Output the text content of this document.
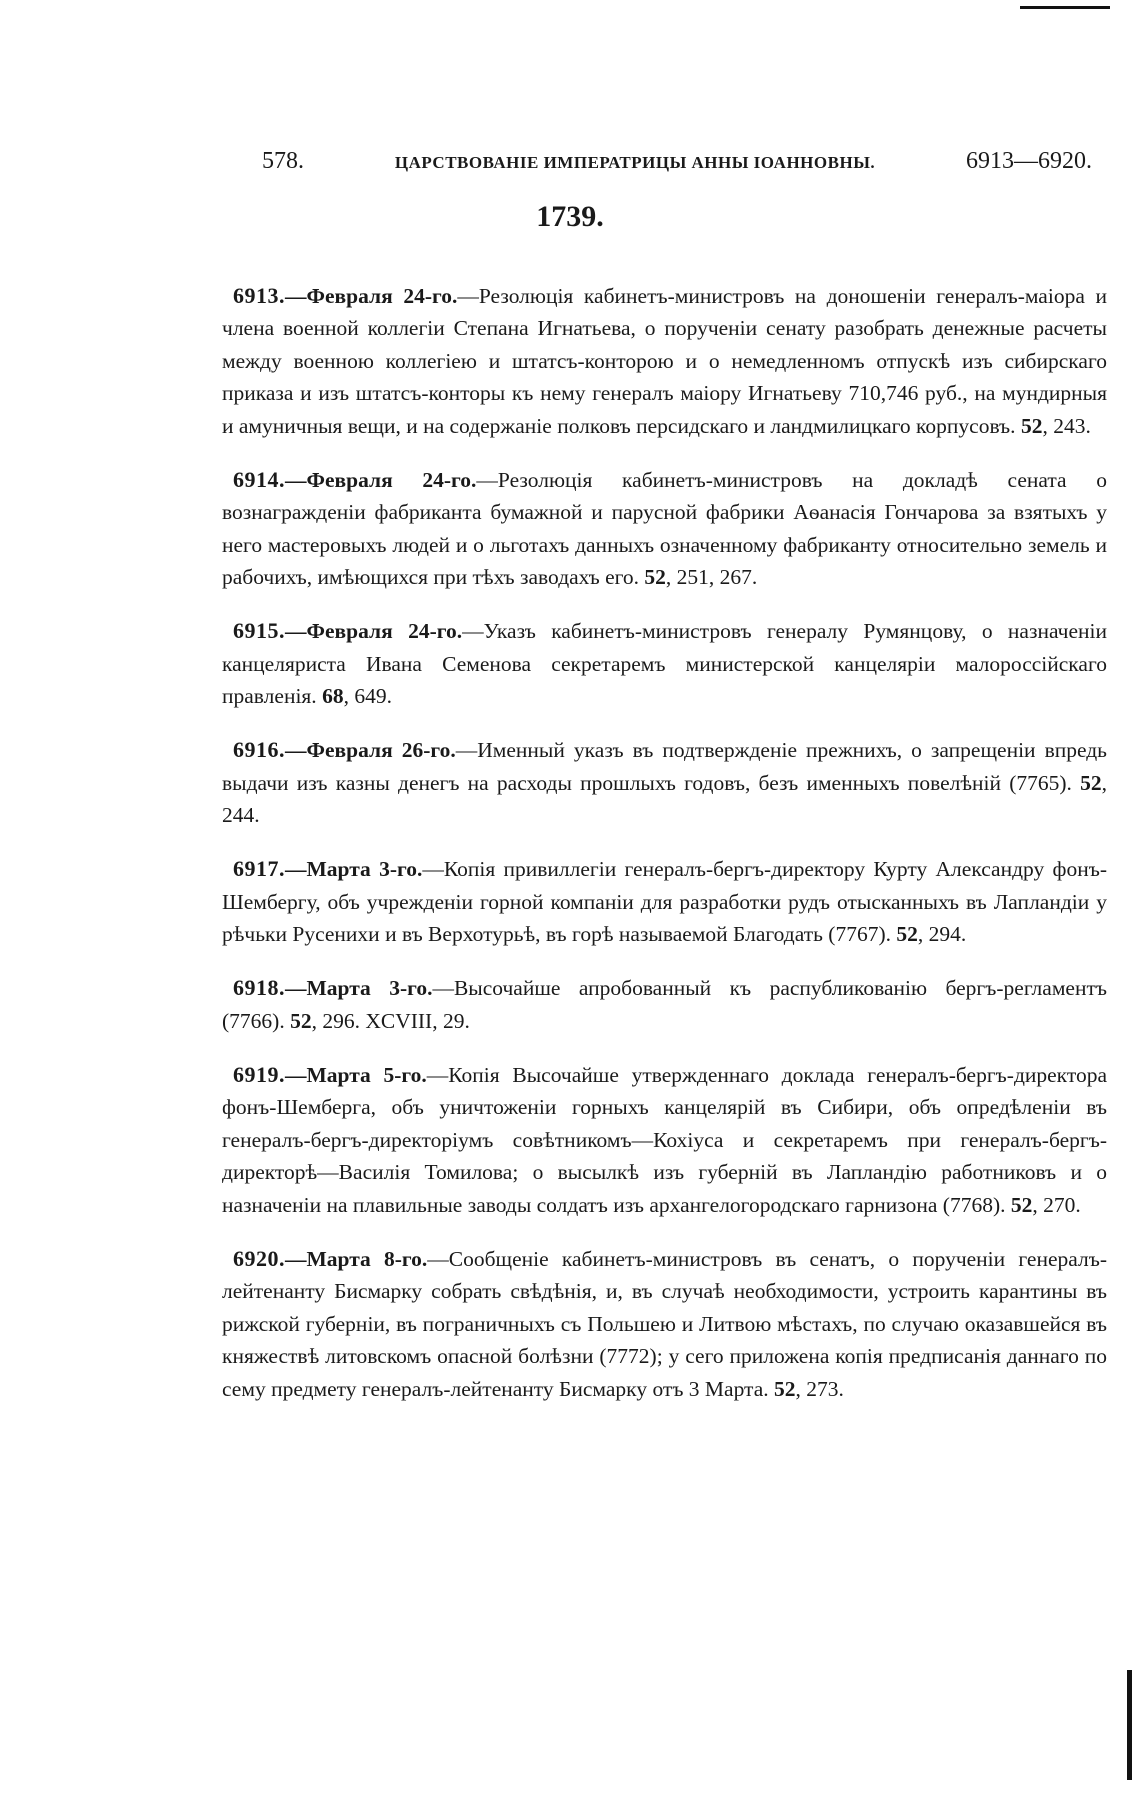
578.	ЦАРСТВОВАНІЕ ИМПЕРАТРИЦЫ АННЫ ІОАННОВНЫ.	6913—6920.
1739.

6913.—Февраля 24-го.—Резолюція кабинетъ-министровъ на доношеніи генералъ-маіора и члена военной коллегіи Степана Игнатьева, о порученіи сенату разобрать денежные расчеты между военною коллегіею и штатсъ-конторою и о немедленномъ отпускѣ изъ сибирскаго приказа и изъ штатсъ-конторы къ нему генералъ маіору Игнатьеву 710,746 руб., на мундирныя и амуничныя вещи, и на содержаніе полковъ персидскаго и ландмилицкаго корпусовъ. 52, 243.

6914.—Февраля 24-го.—Резолюція кабинетъ-министровъ на докладѣ сената о вознагражденіи фабриканта бумажной и парусной фабрики Аѳанасія Гончарова за взятыхъ у него мастеровыхъ людей и о льготахъ данныхъ означенному фабриканту относительно земель и рабочихъ, имѣющихся при тѣхъ заводахъ его. 52, 251, 267.

6915.—Февраля 24-го.—Указъ кабинетъ-министровъ генералу Румянцову, о назначеніи канцеляриста Ивана Семенова секретаремъ министерской канцеляріи малороссійскаго правленія. 68, 649.

6916.—Февраля 26-го.—Именный указъ въ подтвержденіе прежнихъ, о запрещеніи впредь выдачи изъ казны денегъ на расходы прошлыхъ годовъ, безъ именныхъ повелѣній (7765). 52, 244.

6917.—Марта 3-го.—Копія привиллегіи генералъ-бергъ-директору Курту Александру фонъ-Шембергу, объ учрежденіи горной компаніи для разработки рудъ отысканныхъ въ Лапландіи у рѣчьки Русенихи и въ Верхотурьѣ, въ горѣ называемой Благодать (7767). 52, 294.

6918.—Марта 3-го.—Высочайше апробованный къ распубликованію бергъ-регламентъ (7766). 52, 296. XCVIII, 29.

6919.—Марта 5-го.—Копія Высочайше утвержденнаго доклада генералъ-бергъ-директора фонъ-Шемберга, объ уничтоженіи горныхъ канцелярій въ Сибири, объ опредѣленіи въ генералъ-бергъ-директоріумъ совѣтникомъ—Кохіуса и секретаремъ при генералъ-бергъ-директорѣ—Василія Томилова; о высылкѣ изъ губерній въ Лапландію работниковъ и о назначеніи на плавильные заводы солдатъ изъ архангелогородскаго гарнизона (7768). 52, 270.

6920.—Марта 8-го.—Сообщеніе кабинетъ-министровъ въ сенатъ, о порученіи генералъ-лейтенанту Бисмарку собрать свѣдѣнія, и, въ случаѣ необходимости, устроить карантины въ рижской губерніи, въ пограничныхъ съ Польшею и Литвою мѣстахъ, по случаю оказавшейся въ княжествѣ литовскомъ опасной болѣзни (7772); у сего приложена копія предписанія даннаго по сему предмету генералъ-лейтенанту Бисмарку отъ 3 Марта. 52, 273.
